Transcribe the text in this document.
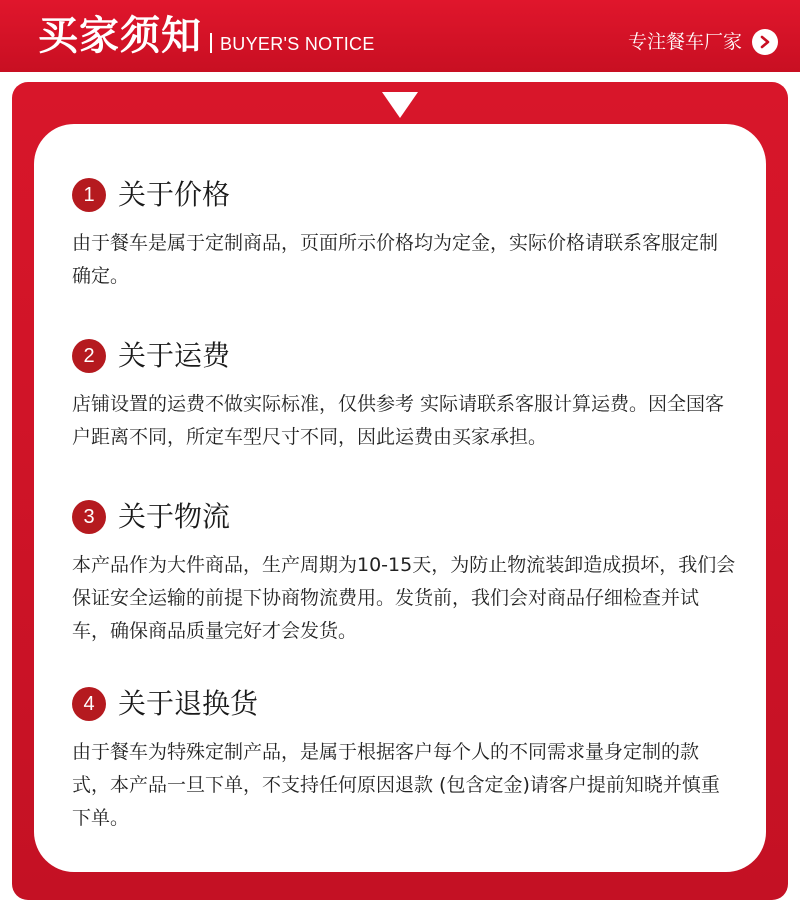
买家须知 BUYER'S NOTICE	专注餐车厂家
1 关于价格
由于餐车是属于定制商品，页面所示价格均为定金，实际价格请联系客服定制确定。
2 关于运费
店铺设置的运费不做实际标准，仅供参考 实际请联系客服计算运费。因全国客户距离不同，所定车型尺寸不同，因此运费由买家承担。
3 关于物流
本产品作为大件商品，生产周期为10-15天，为防止物流装卸造成损坏，我们会保证安全运输的前提下协商物流费用。发货前，我们会对商品仔细检查并试车，确保商品质量完好才会发货。
4 关于退换货
由于餐车为特殊定制产品，是属于根据客户每个人的不同需求量身定制的款式，本产品一旦下单，不支持任何原因退款 (包含定金)请客户提前知晓并慎重下单。
